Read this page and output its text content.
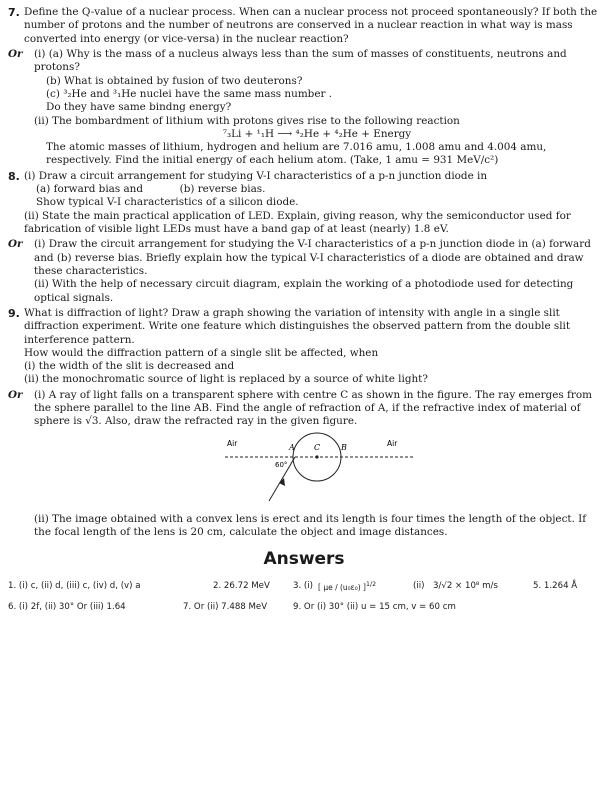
7. Define the Q-value of a nuclear process. When can a nuclear process not proceed spontaneously? If both the number of protons and the number of neutrons are conserved in a nuclear reaction in what way is mass converted into energy (or vice-versa) in the nuclear reaction?

Or (i) (a) Why is the mass of a nucleus always less than the sum of masses of constituents, neutrons and protons?

(b) What is obtained by fusion of two deuterons?

(c) ³₂He and ³₁He nuclei have the same mass number .

Do they have same bindng energy?

(ii) The bombardment of lithium with protons gives rise to the following reaction

⁷₃Li + ¹₁H ⟶ ⁴₂He + ⁴₂He + Energy

The atomic masses of lithium, hydrogen and helium are 7.016 amu, 1.008 amu and 4.004 amu, respectively. Find the initial energy of each helium atom. (Take, 1 amu = 931 MeV/c²)

8. (i) Draw a circuit arrangement for studying V-I characteristics of a p-n junction diode in

(a) forward bias and	(b) reverse bias.

Show typical V-I characteristics of a silicon diode.

(ii) State the main practical application of LED. Explain, giving reason, why the semiconductor used for fabrication of visible light LEDs must have a band gap of at least (nearly) 1.8 eV.

Or (i) Draw the circuit arrangement for studying the V-I characteristics of a p-n junction diode in (a) forward and (b) reverse bias. Briefly explain how the typical V-I characteristics of a diode are obtained and draw these characteristics.

(ii) With the help of necessary circuit diagram, explain the working of a photodiode used for detecting optical signals.

9. What is diffraction of light? Draw a graph showing the variation of intensity with angle in a single slit diffraction experiment. Write one feature which distinguishes the observed pattern from the double slit interference pattern.

How would the diffraction pattern of a single slit be affected, when

(i) the width of the slit is decreased and

(ii) the monochromatic source of light is replaced by a source of white light?

Or (i) A ray of light falls on a transparent sphere with centre C as shown in the figure. The ray emerges from the sphere parallel to the line AB. Find the angle of refraction of A, if the refractive index of material of sphere is √3. Also, draw the refracted ray in the given figure.

Air	Air
A C	B
60°

(ii) The image obtained with a convex lens is erect and its length is four times the length of the object. If the focal length of the lens is 20 cm, calculate the object and image distances.

Answers
1. (i) c, (ii) d, (iii) c, (iv) d, (v) a	2. 26.72 MeV	3. (i) [ μe / (u₀ε₀) ]$^{1/2}$	(ii) 3/√2 × 10⁸ m/s	5. 1.264 Å
6. (i) 2f, (ii) 30° Or (iii) 1.64	7. Or (ii) 7.488 MeV	9. Or (i) 30° (ii) u = 15 cm, v = 60 cm
